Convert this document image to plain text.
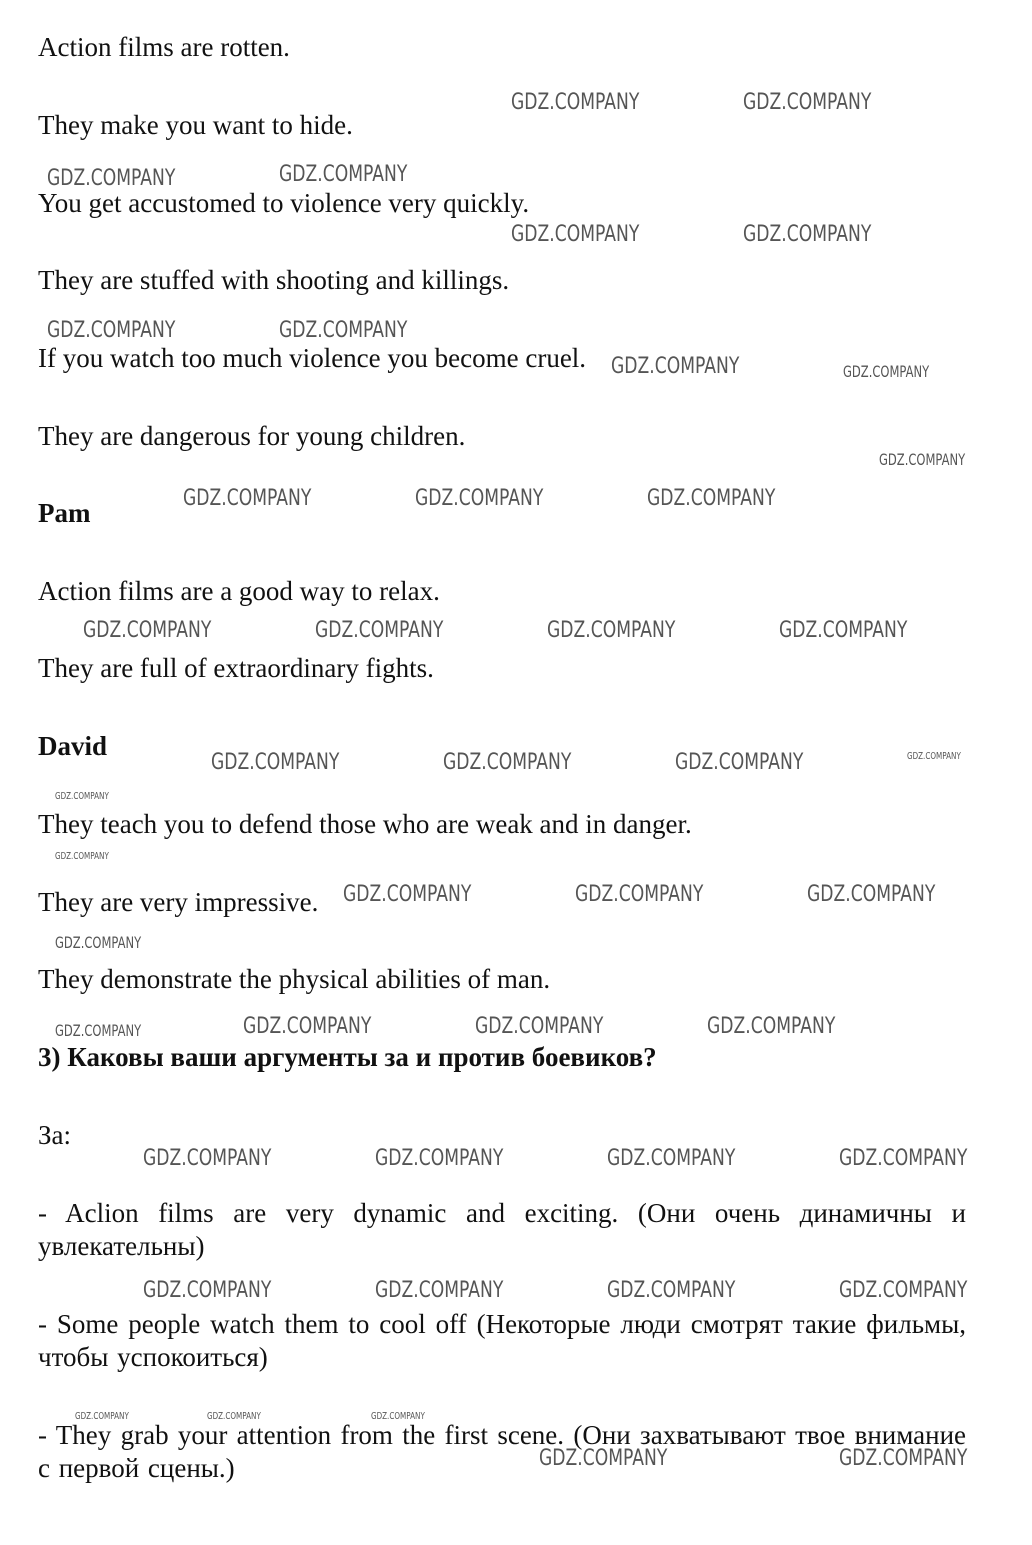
Action films are rotten.
They make you want to hide.
You get accustomed to violence very quickly.
They are stuffed with shooting and killings.
If you watch too much violence you become cruel.
They are dangerous for young children.
Pam
Action films are a good way to relax.
They are full of extraordinary fights.
David
They teach you to defend those who are weak and in danger.
They are very impressive.
They demonstrate the physical abilities of man.
3) Каковы ваши аргументы за и против боевиков?
За:
- Aclion films are very dynamic and exciting. (Они очень динамичны и увлекательны)
- Some people watch them to cool off (Некоторые люди смотрят такие фильмы, чтобы успокоиться)
- They grab your attention from the first scene. (Они захватывают твое внимание с первой сцены.)
GDZ.COMPANY	GDZ.COMPANY
GDZ.COMPANY	GDZ.COMPANY
GDZ.COMPANY	GDZ.COMPANY
GDZ.COMPANY	GDZ.COMPANY
GDZ.COMPANY	GDZ.COMPANY
GDZ.COMPANY
GDZ.COMPANY	GDZ.COMPANY	GDZ.COMPANY
GDZ.COMPANY	GDZ.COMPANY	GDZ.COMPANY	GDZ.COMPANY
GDZ.COMPANY	GDZ.COMPANY	GDZ.COMPANY	GDZ.COMPANY
GDZ.COMPANY
GDZ.COMPANY
GDZ.COMPANY	GDZ.COMPANY	GDZ.COMPANY
GDZ.COMPANY
GDZ.COMPANY	GDZ.COMPANY	GDZ.COMPANY	GDZ.COMPANY
GDZ.COMPANY	GDZ.COMPANY	GDZ.COMPANY	GDZ.COMPANY
GDZ.COMPANY	GDZ.COMPANY	GDZ.COMPANY	GDZ.COMPANY
GDZ.COMPANY	GDZ.COMPANY	GDZ.COMPANY
GDZ.COMPANY	GDZ.COMPANY
